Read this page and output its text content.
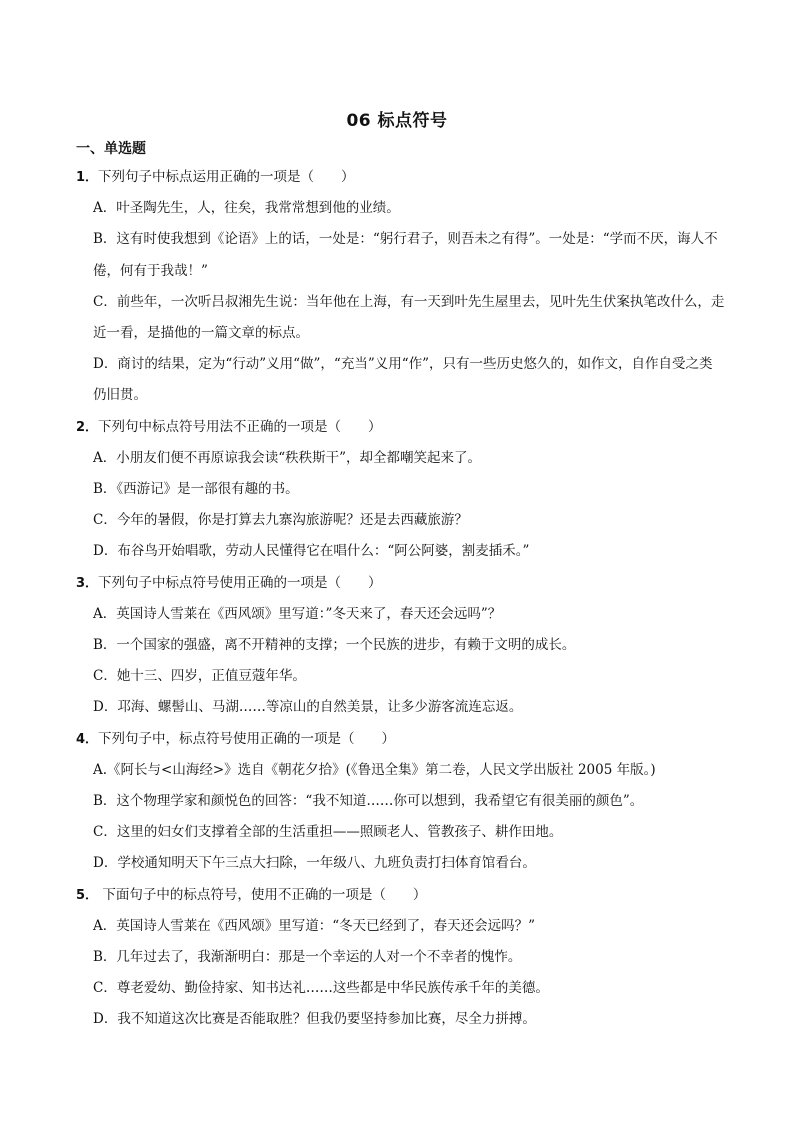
06 标点符号
一、单选题
1．下列句子中标点运用正确的一项是（　　）
A．叶圣陶先生，人，往矣，我常常想到他的业绩。
B．这有时使我想到《论语》上的话，一处是：“躬行君子，则吾未之有得”。一处是：“学而不厌，诲人不倦，何有于我哉！”
C．前些年，一次听吕叔湘先生说：当年他在上海，有一天到叶先生屋里去，见叶先生伏案执笔改什么，走近一看，是描他的一篇文章的标点。
D．商讨的结果，定为“行动”义用“做”，“充当”义用“作”，只有一些历史悠久的，如作文，自作自受之类仍旧贯。
2．下列句中标点符号用法不正确的一项是（　　）
A．小朋友们便不再原谅我会读“秩秩斯干”，却全都嘲笑起来了。
B．《西游记》是一部很有趣的书。
C．今年的暑假，你是打算去九寨沟旅游呢？还是去西藏旅游？
D．布谷鸟开始唱歌，劳动人民懂得它在唱什么：“阿公阿婆，割麦插禾。”
3．下列句子中标点符号使用正确的一项是（　　）
A．英国诗人雪莱在《西风颂》里写道：”冬天来了，春天还会远吗”？
B．一个国家的强盛，离不开精神的支撑；一个民族的进步，有赖于文明的成长。
C．她十三、四岁，正值豆蔻年华。
D．邛海、螺髻山、马湖……等凉山的自然美景，让多少游客流连忘返。
4．下列句子中，标点符号使用正确的一项是（　　）
A.《阿长与<山海经>》选自《朝花夕拾》(《鲁迅全集》第二卷，人民文学出版社 2005 年版。)
B．这个物理学家和颜悦色的回答：“我不知道……你可以想到，我希望它有很美丽的颜色”。
C．这里的妇女们支撑着全部的生活重担——照顾老人、管教孩子、耕作田地。
D．学校通知明天下午三点大扫除，一年级八、九班负责打扫体育馆看台。
5． 下面句子中的标点符号，使用不正确的一项是（　　）
A．英国诗人雪莱在《西风颂》里写道：“冬天已经到了，春天还会远吗？”
B．几年过去了，我渐渐明白：那是一个幸运的人对一个不幸者的愧怍。
C．尊老爱幼、勤俭持家、知书达礼……这些都是中华民族传承千年的美德。
D．我不知道这次比赛是否能取胜？但我仍要坚持参加比赛，尽全力拼搏。
